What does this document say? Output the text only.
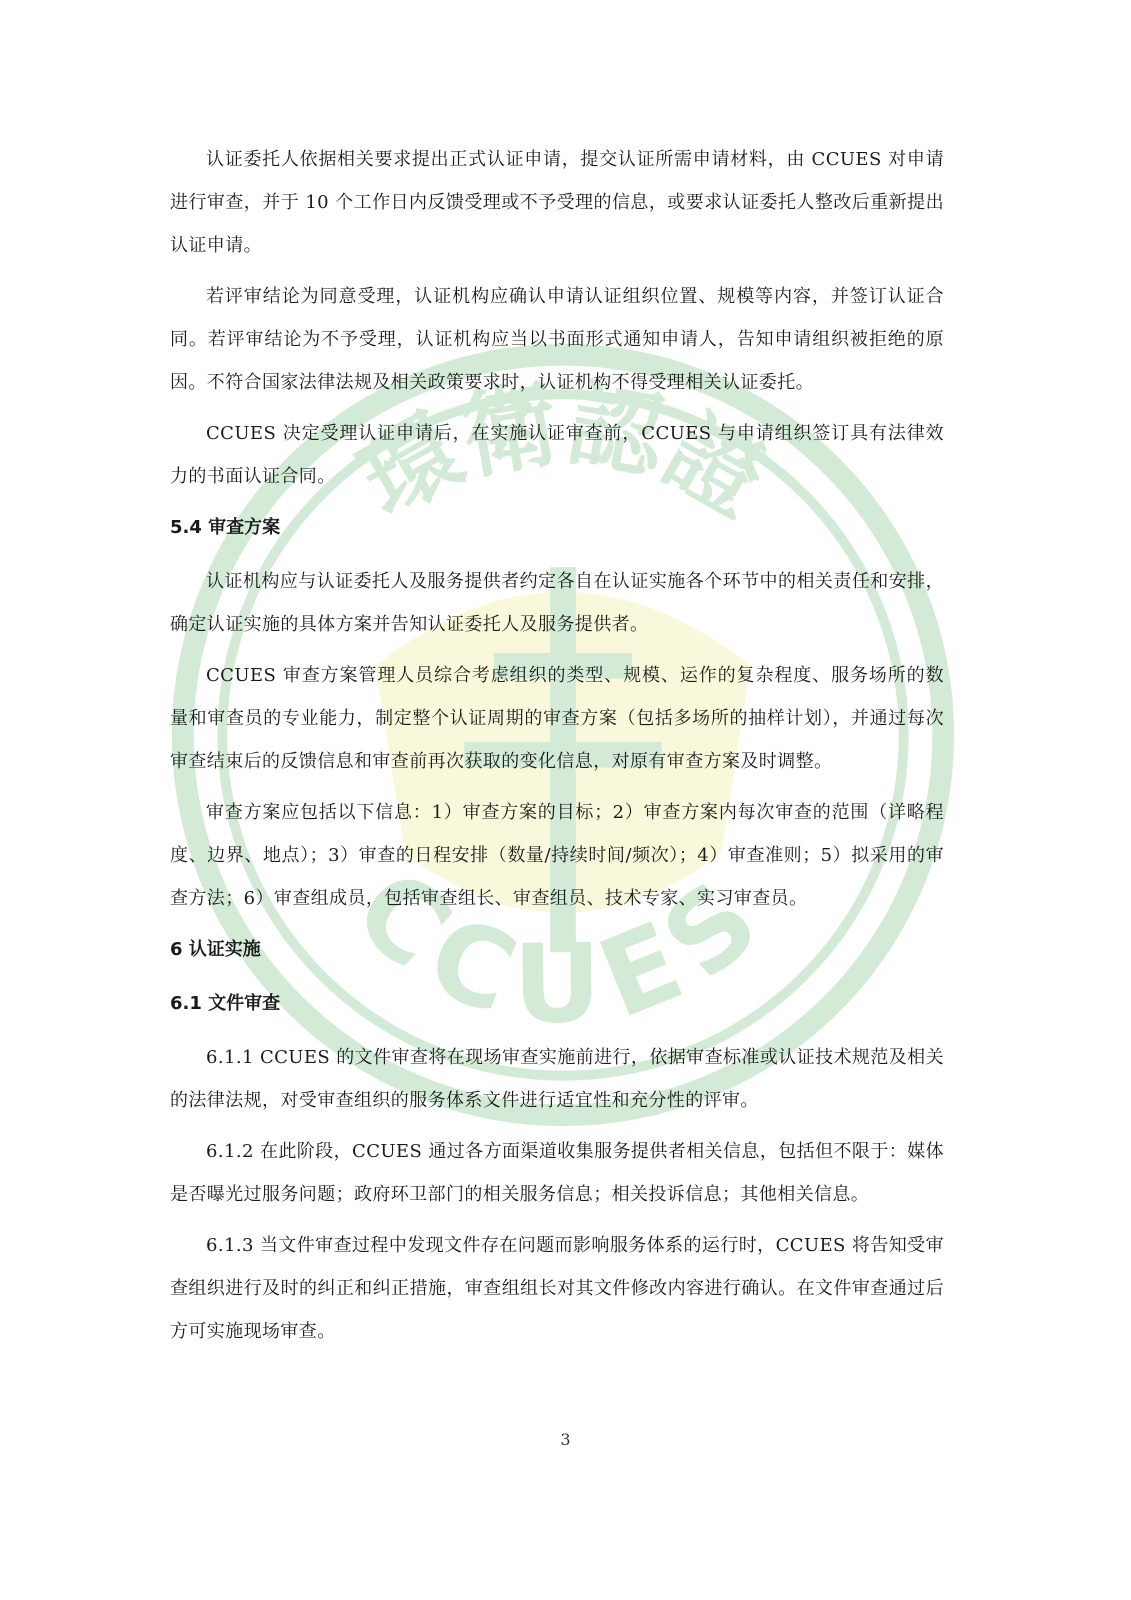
環衛認證
CCUES

认证委托人依据相关要求提出正式认证申请，提交认证所需申请材料，由 CCUES 对申请进行审查，并于 10 个工作日内反馈受理或不予受理的信息，或要求认证委托人整改后重新提出认证申请。

若评审结论为同意受理，认证机构应确认申请认证组织位置、规模等内容，并签订认证合同。若评审结论为不予受理，认证机构应当以书面形式通知申请人，告知申请组织被拒绝的原因。不符合国家法律法规及相关政策要求时，认证机构不得受理相关认证委托。

CCUES 决定受理认证申请后，在实施认证审查前，CCUES 与申请组织签订具有法律效力的书面认证合同。

5.4 审查方案

认证机构应与认证委托人及服务提供者约定各自在认证实施各个环节中的相关责任和安排，确定认证实施的具体方案并告知认证委托人及服务提供者。

CCUES 审查方案管理人员综合考虑组织的类型、规模、运作的复杂程度、服务场所的数量和审查员的专业能力，制定整个认证周期的审查方案（包括多场所的抽样计划），并通过每次审查结束后的反馈信息和审查前再次获取的变化信息，对原有审查方案及时调整。

审查方案应包括以下信息：1）审查方案的目标；2）审查方案内每次审查的范围（详略程度、边界、地点）；3）审查的日程安排（数量/持续时间/频次）；4）审查准则；5）拟采用的审查方法；6）审查组成员，包括审查组长、审查组员、技术专家、实习审查员。

6 认证实施
6.1 文件审查

6.1.1 CCUES 的文件审查将在现场审查实施前进行，依据审查标准或认证技术规范及相关的法律法规，对受审查组织的服务体系文件进行适宜性和充分性的评审。

6.1.2 在此阶段，CCUES 通过各方面渠道收集服务提供者相关信息，包括但不限于：媒体是否曝光过服务问题；政府环卫部门的相关服务信息；相关投诉信息；其他相关信息。

6.1.3 当文件审查过程中发现文件存在问题而影响服务体系的运行时，CCUES 将告知受审查组织进行及时的纠正和纠正措施，审查组组长对其文件修改内容进行确认。在文件审查通过后方可实施现场审查。

3
